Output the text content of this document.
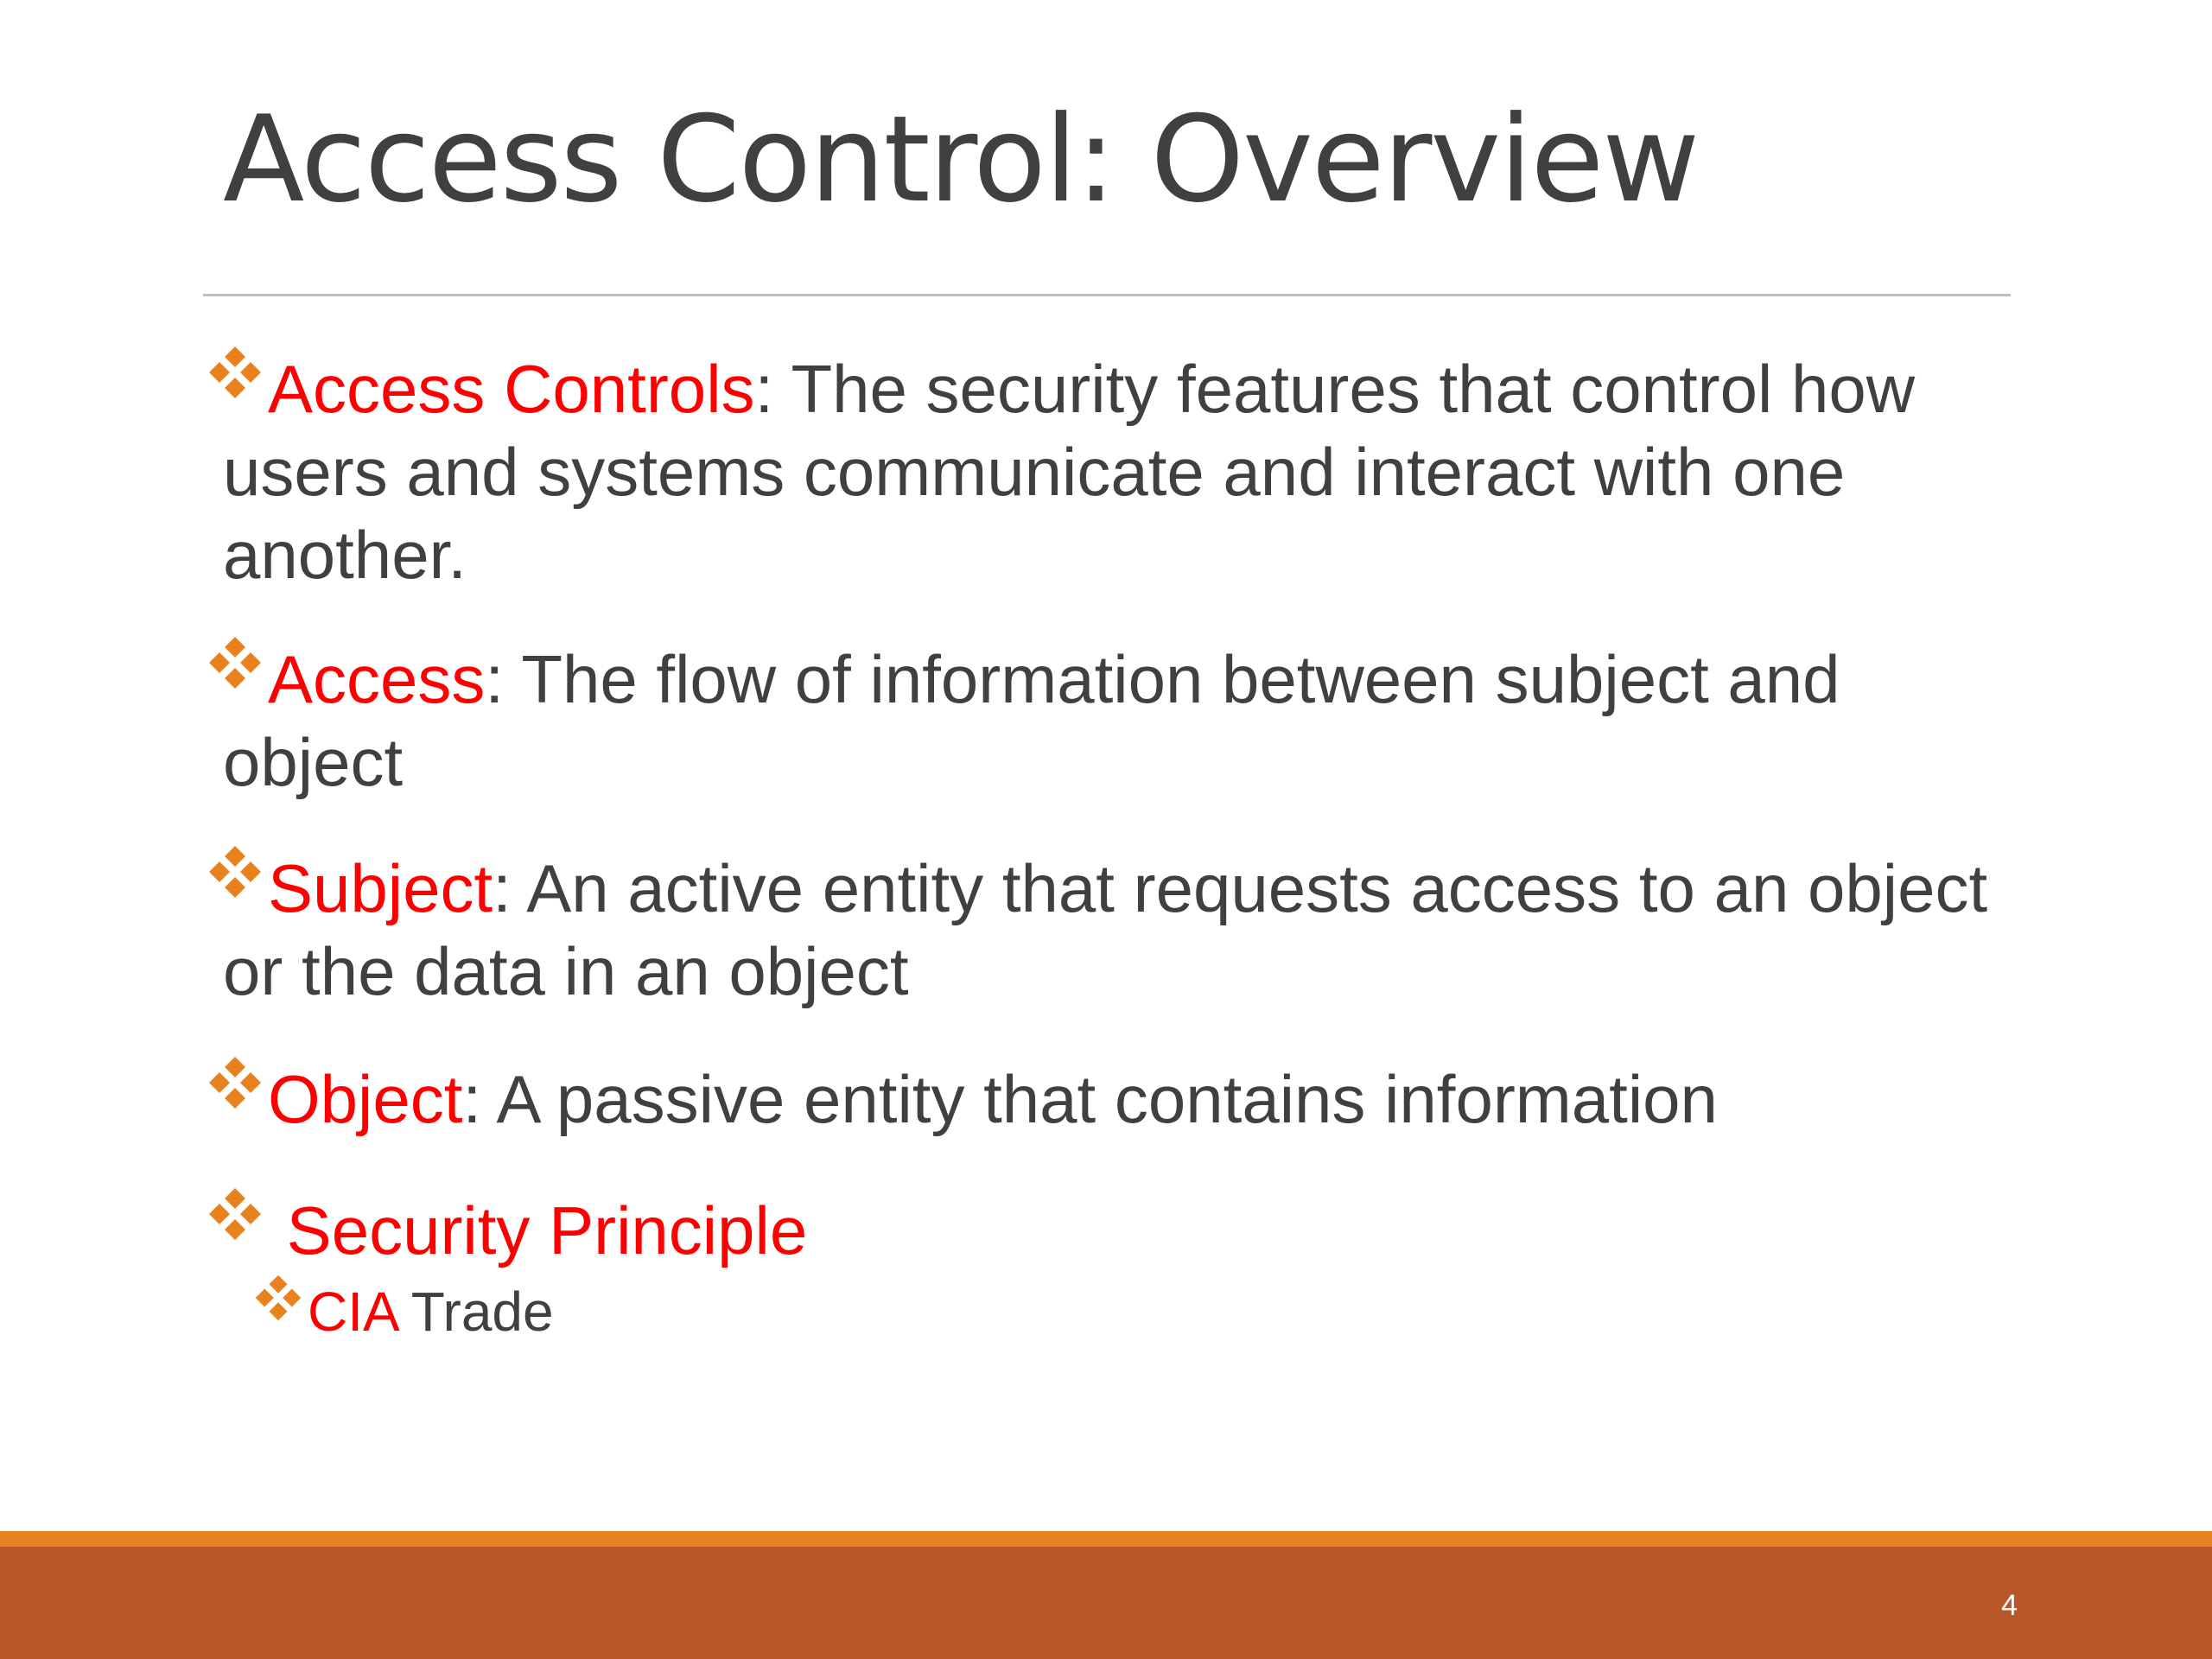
Access Control: Overview

Access Controls: The security features that control how users and systems communicate and interact with one another.

Access: The flow of information between subject and object

Subject: An active entity that requests access to an object or the data in an object

Object: A passive entity that contains information

Security Principle

CIA Trade

4
